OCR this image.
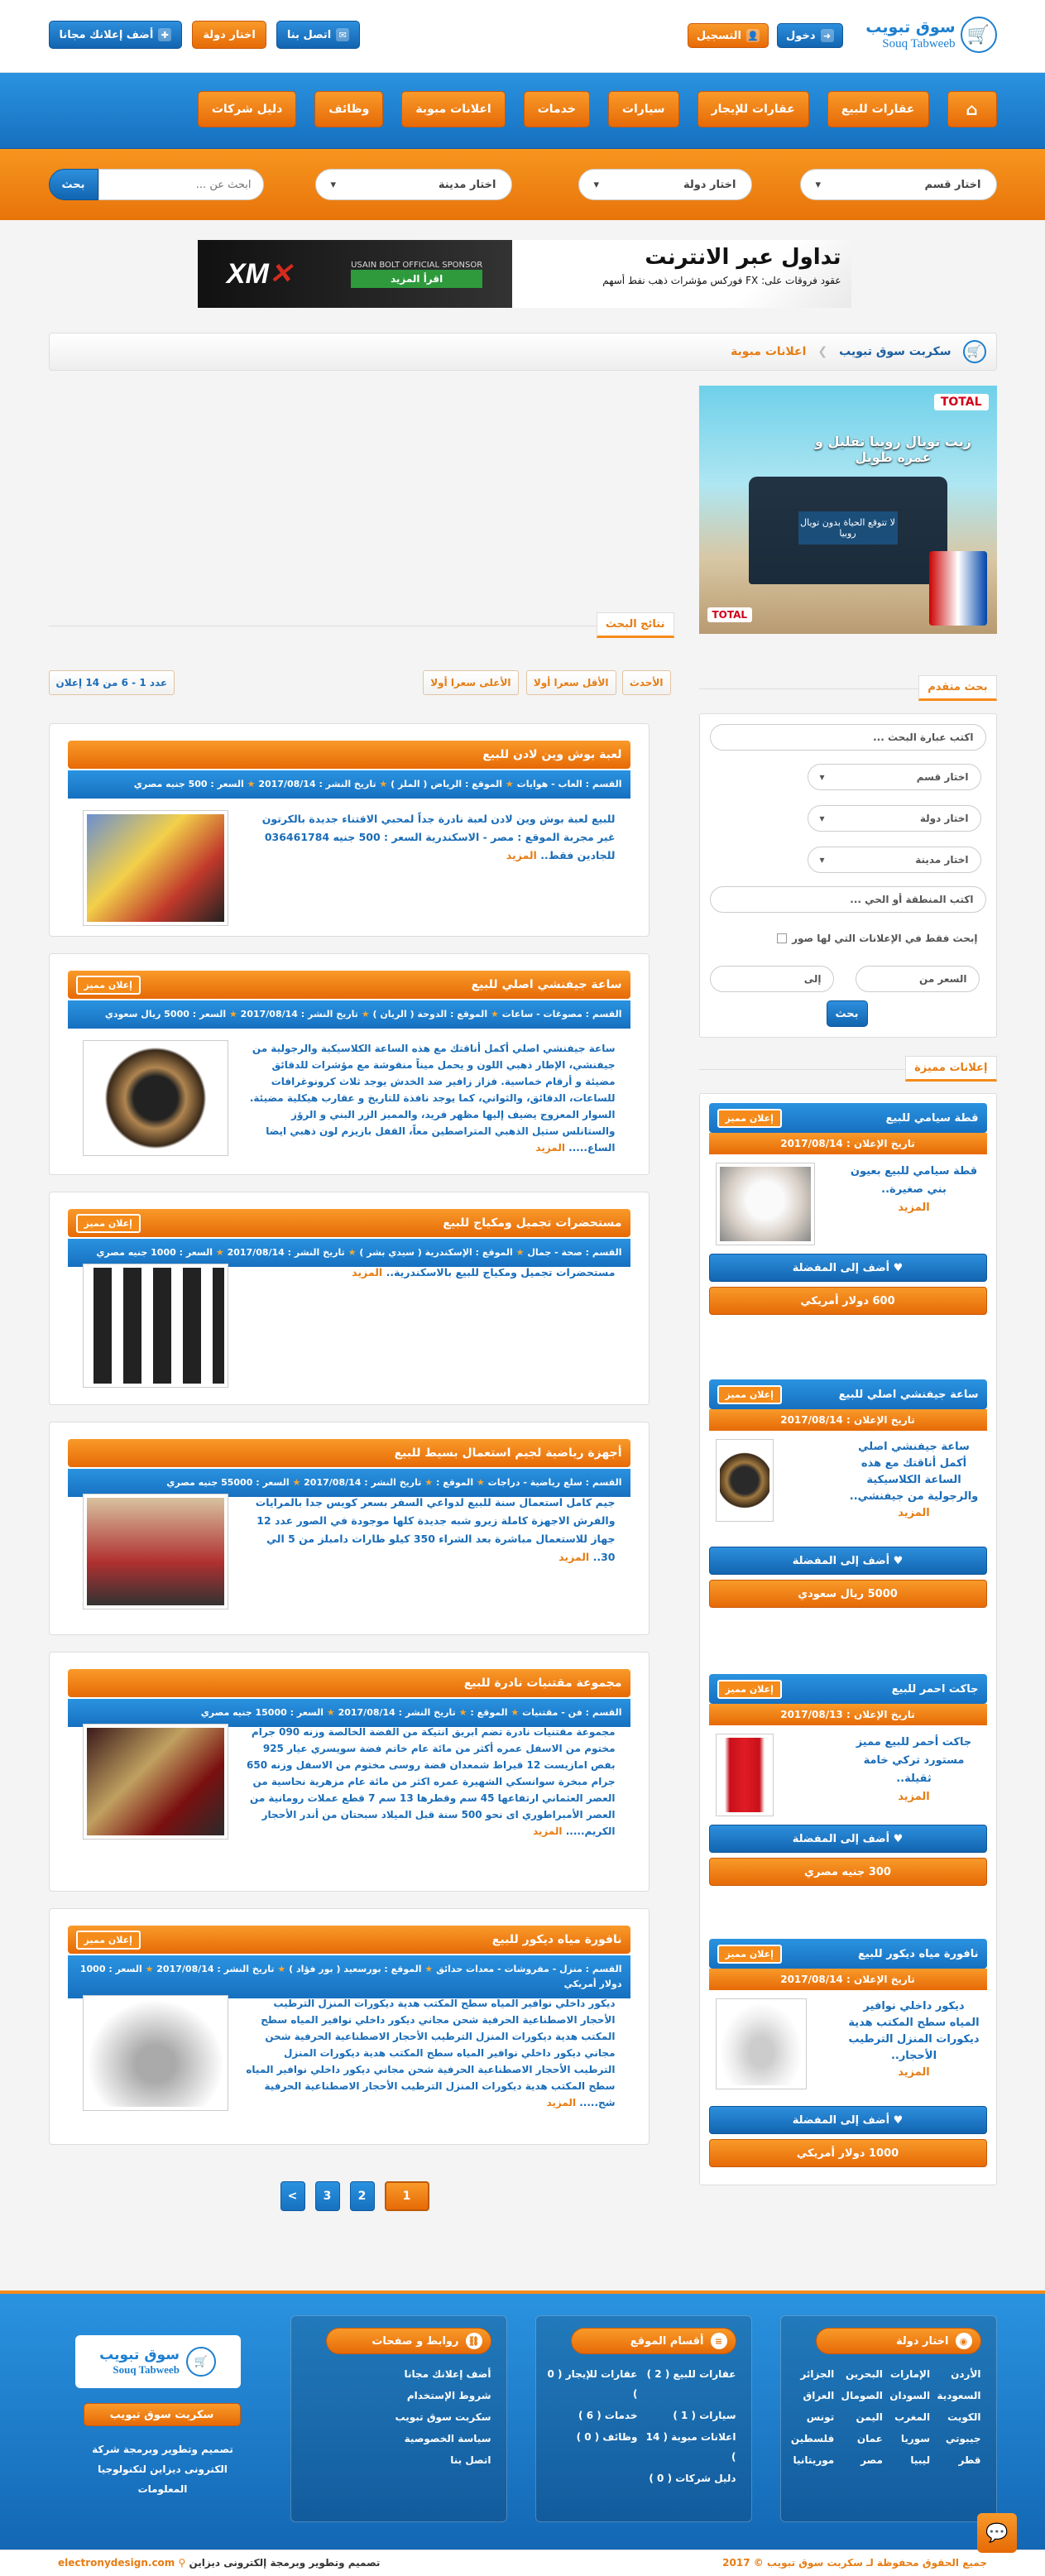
🛒
سوق تبويب
Souq Tabweeb
➜
دخول
👤
التسجيل
✉
اتصل بنا
اختار دولة
✚
أضف إعلانك مجانا
⌂
عقارات للبيع
عقارات للإيجار
سيارات
خدمات
اعلانات مبوبة
وظائف
دليل شركات
اختار قسم
▾
اختار دولة
▾
اختار مدينة
▾
ابحث عن ...
بحث
تداول عبر الانترنت
عقود فروقات على: FX فوركس مؤشرات ذهب نفط أسهم
USAIN BOLT OFFICIAL SPONSOR
اقرأ المزيد
✕XM
🛒
سكربت سوق تبويب
❯
اعلانات مبوبة
TOTAL
زيت تويال روبيا تقليل و عمره طويل
لا تتوقع الحياة بدون تويال روبيا
TOTAL
بحث متقدم
اكتب عبارة البحث ...
اختار قسم
▾
اختار دولة
▾
اختار مدينة
▾
اكتب المنطقة أو الحي ...
إبحث فقط في الإعلانات التي لها صور
السعر من
إلى
بحث
إعلانات مميزة
قطة سيامي للبيع
إعلان مميز
تاريخ الإعلان :

2017/08/14
قطة سيامي للبيع بعيون بني صغيرة..
المزيد
♥

أضف إلى المفضلة
600 دولار أمريكي
ساعة جيفنشي اصلي للبيع
إعلان مميز
تاريخ الإعلان :

2017/08/14
ساعة جيفنشي اصلي أكمل أناقتك مع هذه الساعة الكلاسيكية والرجولية من جيفنشي..
المزيد
♥

أضف إلى المفضلة
5000 ريال سعودي
جاكت احمر للبيع
إعلان مميز
تاريخ الإعلان :

2017/08/13
جاكت أحمر للبيع مميز مستورد تركي خامة ثقيلة..
المزيد
♥

أضف إلى المفضلة
300 جنيه مصري
نافورة مياه ديكور للبيع
إعلان مميز
تاريخ الإعلان :

2017/08/14
ديكور داخلي نوافير المياه سطح المكتب هدية ديكورات المنزل الترطيب الأحجار..
المزيد
♥

أضف إلى المفضلة
1000 دولار أمريكي
نتائج البحث
الأحدث
الأقل سعرا أولا
الأعلى سعرا أولا
عدد 1 - 6 من 14 إعلان
لعبة بوش وين لادن للبيع
القسم : العاب - هوايات ★ الموقع : الرياض ( الملز ) ★ تاريخ النشر : 2017/08/14 ★ السعر : 500 جنيه مصري
للبيع لعبة بوش وين لادن لعبة نادرة جداً لمحبي الاقتناء جديدة بالكرتون غير مجربة الموقع : مصر - الاسكندرية السعر : 500 جنيه 036461784 للجادين فقط.. المزيد
ساعة جيفنشي اصلي للبيع
إعلان مميز
القسم : مصوغات - ساعات ★ الموقع : الدوحة ( الريان ) ★ تاريخ النشر : 2017/08/14 ★ السعر : 5000 ريال سعودي
ساعة جيفنشي اصلي أكمل أناقتك مع هذه الساعة الكلاسيكية والرجولية من جيفنشي، الإطار ذهبي اللون و يحمل ميناً منقوشة مع مؤشرات للدقائق مضيئة و أرقام خماسية. فزاز زافير ضد الخدش يوجد ثلاث كرونوغرافات للساعات، الدقائق، والثواني، كما يوجد نافذة للتاريخ و عقارب هيكلية مضيئة. السوار المعزوج يضيف إليها مظهر فريد، والمميز الزر البني و الرؤز والستانلس ستيل الذهبي المتراصطين معاً، القفل بازيزم لون ذهبي ايضا الساع..... المزيد
مستحضرات تجميل ومكياج للبيع
إعلان مميز
القسم : صحة - جمال ★ الموقع : الإسكندرية ( سيدي بشر ) ★ تاريخ النشر : 2017/08/14 ★ السعر : 1000 جنيه مصري
مستحضرات تجميل ومكياج للبيع بالاسكندرية.. المزيد
أجهزة رياضية لجيم استعمال بسيط للبيع
القسم : سلع رياضية - دراجات ★ الموقع : ★ تاريخ النشر : 2017/08/14 ★ السعر : 55000 جنيه مصري
جيم كامل استعمال سنة للبيع لدواعي السفر بسعر كويس جدا بالمرايات والفرش الاجهزة كاملة زيرو شبه جديدة كلها موجودة في الصور عدد 12 جهاز للاستعمال مباشرة بعد الشراء 350 كيلو طارات دامبلز من 5 الي 30.. المزيد
مجموعة مقتنيات نادرة للبيع
القسم : فن - مقتنيات ★ الموقع : ★ تاريخ النشر : 2017/08/14 ★ السعر : 15000 جنيه مصري
مجموعة مقتنيات نادرة تضم ابريق انتيكة من الفضة الخالصة وزنه 090 جرام مختوم من الاسفل عمره أكثر من مائة عام خاتم فضة سويسري عيار 925 بفص امازيست 12 قيراط شمعدان فضة روسى مختوم من الاسفل وزنه 650 جرام مبخرة سوانسكي الشهيرة عمره اكثر من مائة عام مزهرية نحاسية من العصر العثماني ارتفاعها 45 سم وقطرها 13 سم 7 قطع عملات رومانية من العصر الأمبراطوري اى نحو 500 سنة قبل الميلاد سبحتان من أندر الأحجار الكريم..... المزيد
نافورة مياه ديكور للبيع
إعلان مميز
القسم : منزل - مفروشات - معدات حدائق ★ الموقع : بورسعيد ( بور فؤاد ) ★ تاريخ النشر : 2017/08/14 ★ السعر : 1000 دولار أمريكي
ديكور داخلي نوافير المياه سطح المكتب هدية ديكورات المنزل الترطيب الأحجار الاصطناعية الحرفية شحن مجاني ديكور داخلي نوافير المياه سطح المكتب هدية ديكورات المنزل الترطيب الأحجار الاصطناعية الحرفية شحن مجاني ديكور داخلي نوافير المياه سطح المكتب هدية ديكورات المنزل الترطيب الأحجار الاصطناعية الحرفية شحن مجاني ديكور داخلي نوافير المياه سطح المكتب هدية ديكورات المنزل الترطيب الأحجار الاصطناعية الحرفية شح..... المزيد
1
2
3
>
◉
اختار دولة
الأردن
الإمارات
البحرين
الجزائر
السعودية
السودان
الصومال
العراق
الكويت
المغرب
اليمن
تونس
جيبوتي
سوريا
عمان
فلسطين
قطر
ليبيا
مصر
موريتانيا
≡
أقسام الموقع
عقارات للبيع ( 2 )
عقارات للإيجار ( 0 )
سيارات ( 1 )
خدمات ( 6 )
اعلانات مبوبة ( 14 )
وظائف ( 0 )
دليل شركات ( 0 )
⛓
روابط و صفحات
أضف إعلانك مجانا
شروط الإستخدام
سكربت سوق تبويب
سياسة الخصوصية
اتصل بنا
🛒
سوق تبويب
Souq Tabweeb
سكربت سوق تبويب
تصميم وتطوير وبرمجة شركة الكترونى ديزاين لتكنولوجيا المعلومات
جميع الحقوق محفوظة لـ سكربت سوق تبويب © 2017
تصميم وتطوير وبرمجة إلكترونى ديزاين ⚲ electronydesign.com
💬
